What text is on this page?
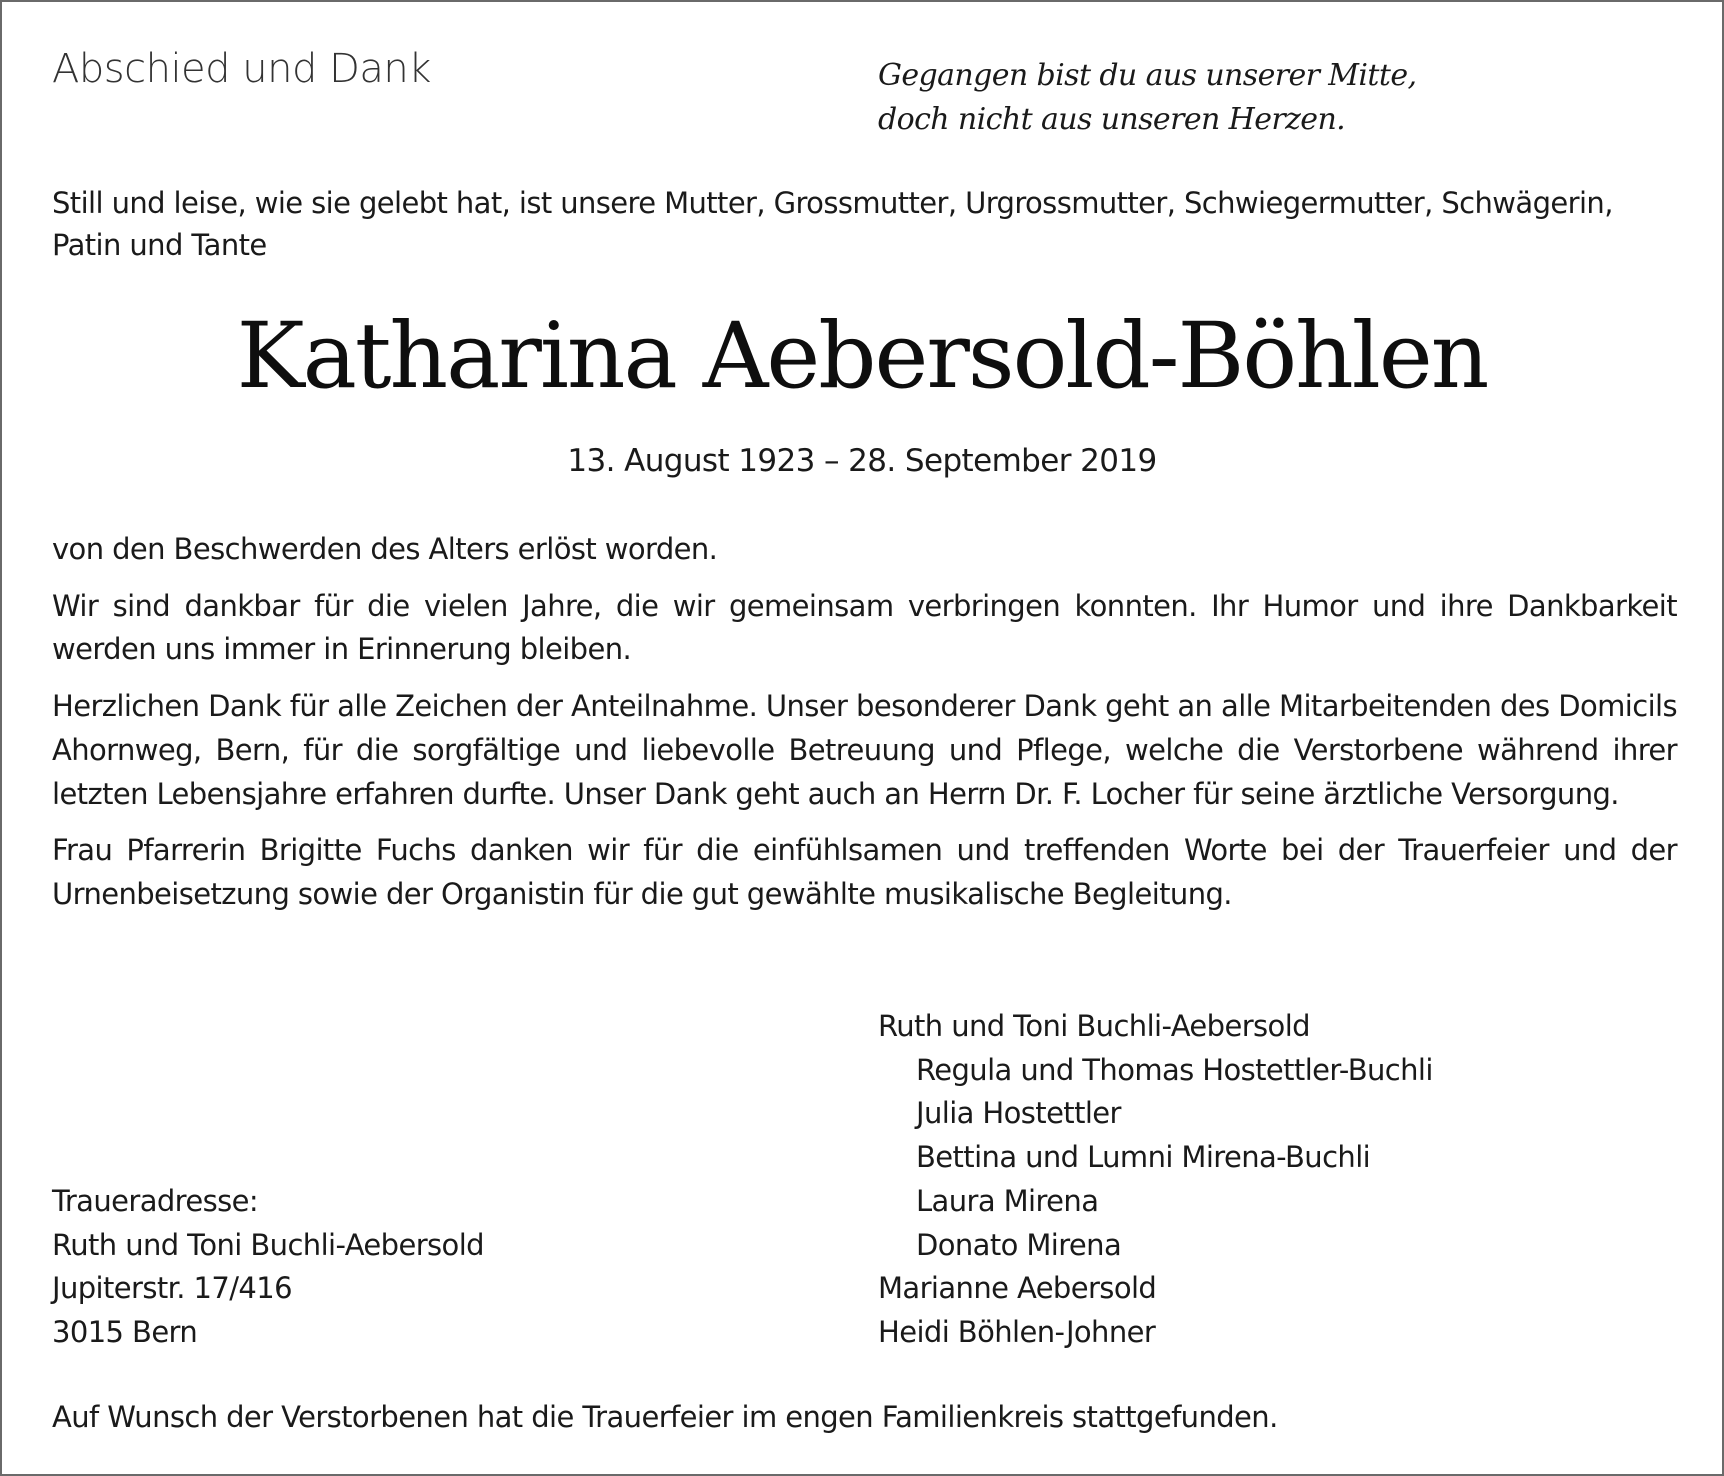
Abschied und Dank	Gegangen bist du aus unserer Mitte,
doch nicht aus unseren Herzen.
Still und leise, wie sie gelebt hat, ist unsere Mutter, Grossmutter, Urgrossmutter, Schwiegermutter, Schwägerin, Patin und Tante
Katharina Aebersold-Böhlen
13. August 1923 – 28. September 2019

von den Beschwerden des Alters erlöst worden.

Wir sind dankbar für die vielen Jahre, die wir gemeinsam verbringen konnten. Ihr Humor und ihre Dankbarkeit werden uns immer in Erinnerung bleiben.

Herzlichen Dank für alle Zeichen der Anteilnahme. Unser besonderer Dank geht an alle Mitarbeitenden des Domicils Ahornweg, Bern, für die sorgfältige und liebevolle Betreuung und Pflege, welche die Verstorbene während ihrer letzten Lebensjahre erfahren durfte. Unser Dank geht auch an Herrn Dr. F. Locher für seine ärztliche Versorgung.

Frau Pfarrerin Brigitte Fuchs danken wir für die einfühlsamen und treffenden Worte bei der Trauerfeier und der Urnenbeisetzung sowie der Organistin für die gut gewählte musikalische Begleitung.

Ruth und Toni Buchli-Aebersold
Regula und Thomas Hostettler-Buchli
Julia Hostettler
Bettina und Lumni Mirena-Buchli
Laura Mirena
Donato Mirena
Marianne Aebersold
Heidi Böhlen-Johner
Traueradresse:
Ruth und Toni Buchli-Aebersold
Jupiterstr. 17/416
3015 Bern
Auf Wunsch der Verstorbenen hat die Trauerfeier im engen Familienkreis stattgefunden.
